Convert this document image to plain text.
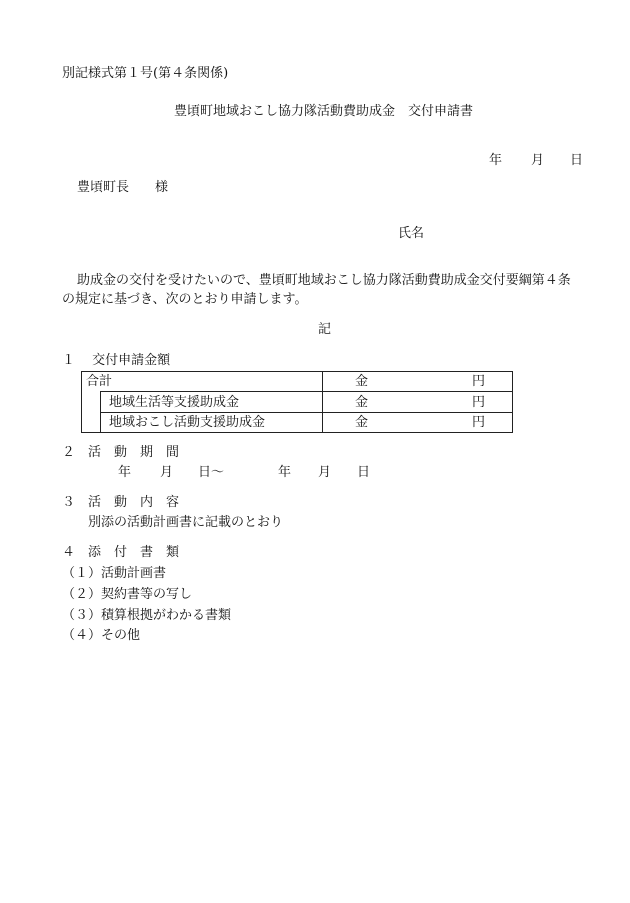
別記様式第１号(第４条関係)
豊頃町地域おこし協力隊活動費助成金　交付申請書
年 月 日
豊頃町長　　様
氏名
助成金の交付を受けたいので、豊頃町地域おこし協力隊活動費助成金交付要綱第４条
の規定に基づき、次のとおり申請します。
記
１　 交付申請金額
合計	金	円
地域生活等支援助成金	金	円
地域おこし活動支援助成金	金	円
２　活　動　期　間
年 月 日～	年 月 日
３　活　動　内　容
別添の活動計画書に記載のとおり
４　添　付　書　類
（１）活動計画書
（２）契約書等の写し
（３）積算根拠がわかる書類
（４）その他
